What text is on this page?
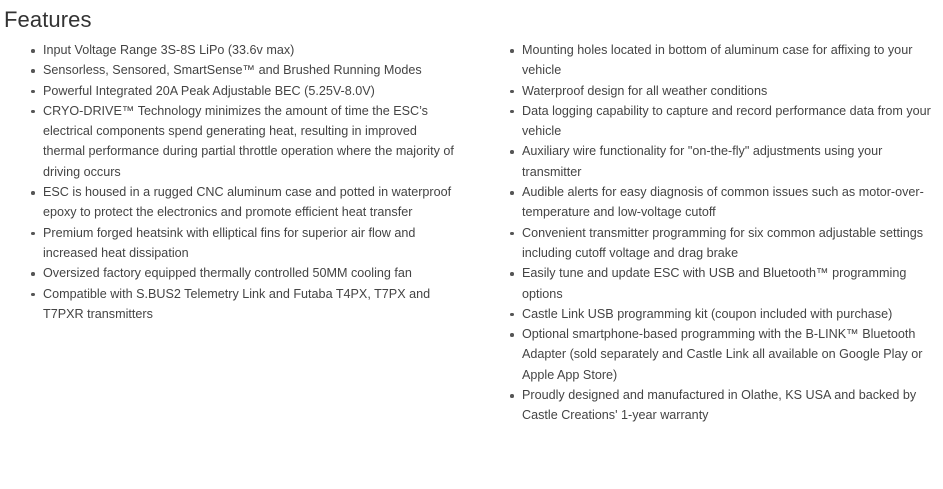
Features
Input Voltage Range 3S-8S LiPo (33.6v max)
Sensorless, Sensored, SmartSense™ and Brushed Running Modes
Powerful Integrated 20A Peak Adjustable BEC (5.25V-8.0V)
CRYO-DRIVE™ Technology minimizes the amount of time the ESC’s electrical components spend generating heat, resulting in improved thermal performance during partial throttle operation where the majority of driving occurs
ESC is housed in a rugged CNC aluminum case and potted in waterproof epoxy to protect the electronics and promote efficient heat transfer
Premium forged heatsink with elliptical fins for superior air flow and increased heat dissipation
Oversized factory equipped thermally controlled 50MM cooling fan
Compatible with S.BUS2 Telemetry Link and Futaba T4PX, T7PX and T7PXR transmitters
Mounting holes located in bottom of aluminum case for affixing to your vehicle
Waterproof design for all weather conditions
Data logging capability to capture and record performance data from your vehicle
Auxiliary wire functionality for "on-the-fly" adjustments using your transmitter
Audible alerts for easy diagnosis of common issues such as motor-over-temperature and low-voltage cutoff
Convenient transmitter programming for six common adjustable settings including cutoff voltage and drag brake
Easily tune and update ESC with USB and Bluetooth™ programming options
Castle Link USB programming kit (coupon included with purchase)
Optional smartphone-based programming with the B-LINK™ Bluetooth Adapter (sold separately and Castle Link all available on Google Play or Apple App Store)
Proudly designed and manufactured in Olathe, KS USA and backed by Castle Creations' 1-year warranty
